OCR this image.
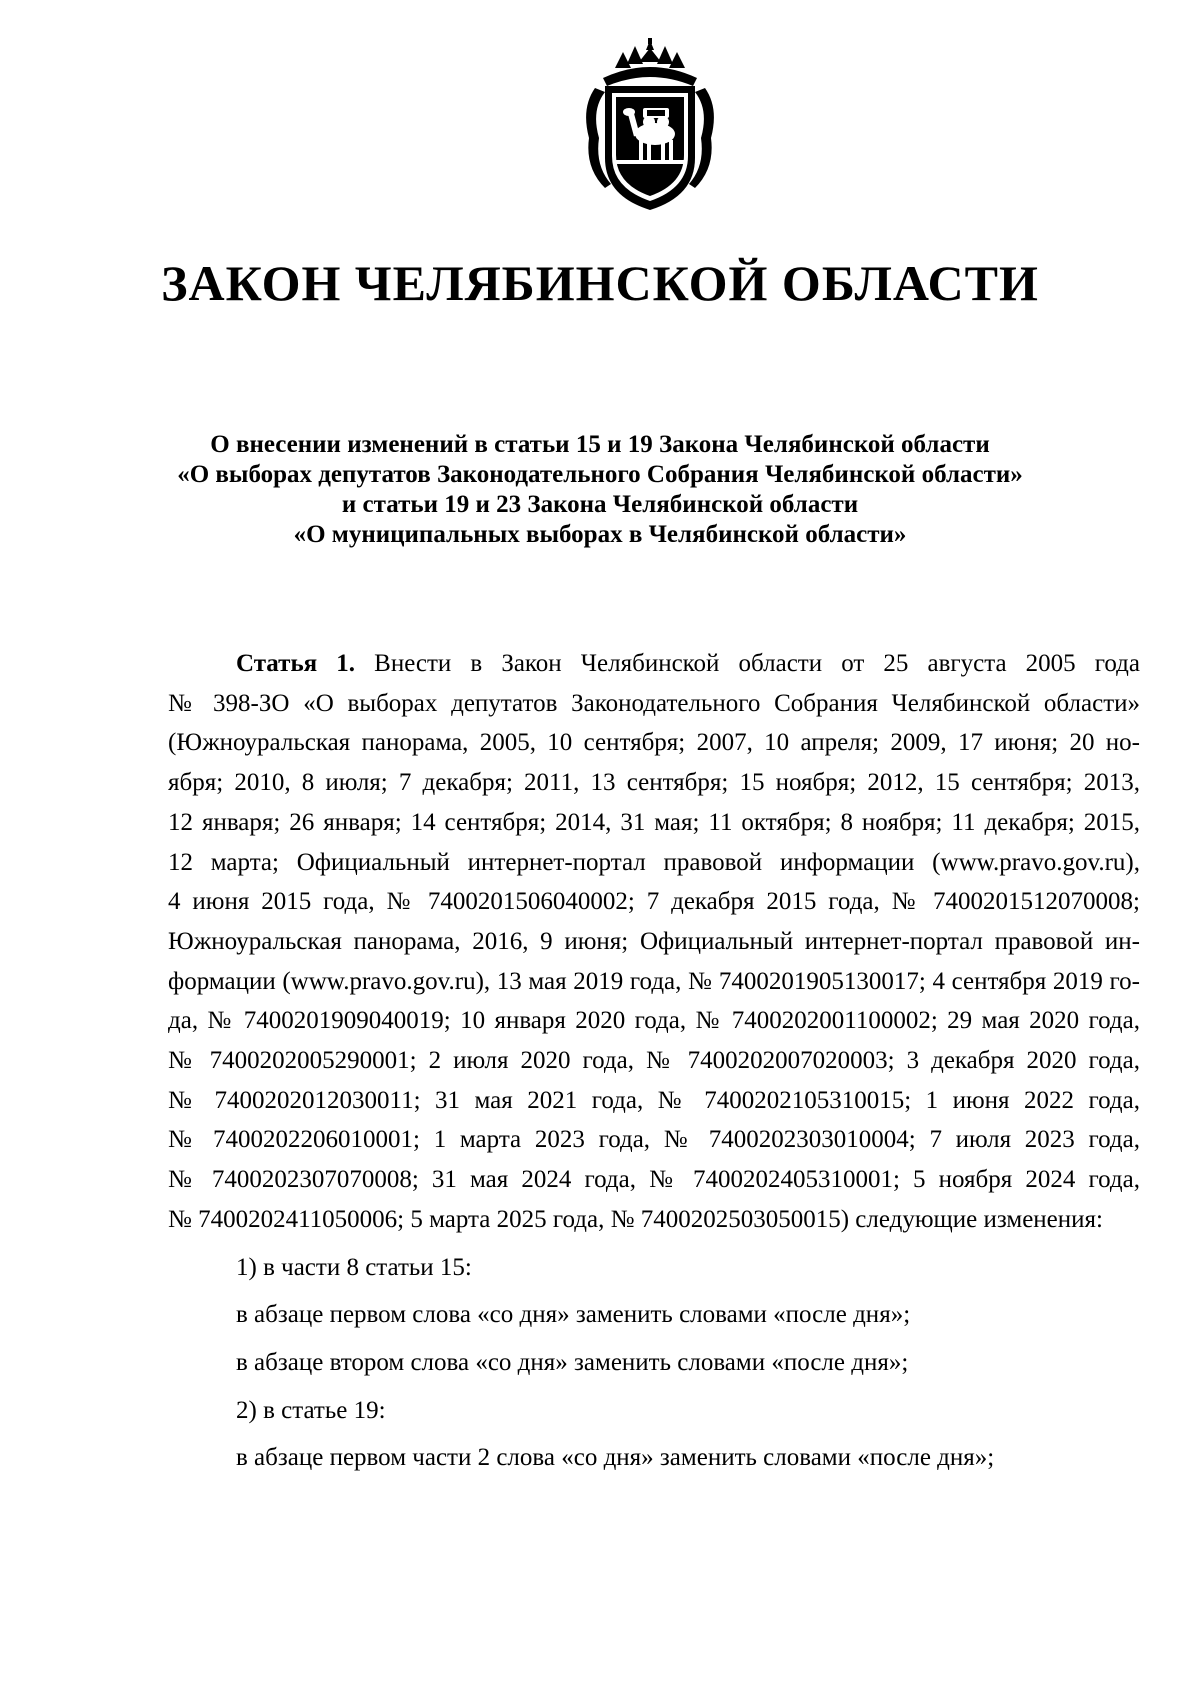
ЗАКОН ЧЕЛЯБИНСКОЙ ОБЛАСТИ
О внесении изменений в статьи 15 и 19 Закона Челябинской области
«О выборах депутатов Законодательного Собрания Челябинской области»
и статьи 19 и 23 Закона Челябинской области
«О муниципальных выборах в Челябинской области»
Статья 1. Внести в Закон Челябинской области от 25 августа 2005 года
№ 398-ЗО «О выборах депутатов Законодательного Собрания Челябинской области»
(Южноуральская панорама, 2005, 10 сентября; 2007, 10 апреля; 2009, 17 июня; 20 но-
ября; 2010, 8 июля; 7 декабря; 2011, 13 сентября; 15 ноября; 2012, 15 сентября; 2013,
12 января; 26 января; 14 сентября; 2014, 31 мая; 11 октября; 8 ноября; 11 декабря; 2015,
12 марта; Официальный интернет-портал правовой информации (www.pravo.gov.ru),
4 июня 2015 года, № 7400201506040002; 7 декабря 2015 года, № 7400201512070008;
Южноуральская панорама, 2016, 9 июня; Официальный интернет-портал правовой ин-
формации (www.pravo.gov.ru), 13 мая 2019 года, № 7400201905130017; 4 сентября 2019 го-
да, № 7400201909040019; 10 января 2020 года, № 7400202001100002; 29 мая 2020 года,
№ 7400202005290001; 2 июля 2020 года, № 7400202007020003; 3 декабря 2020 года,
№ 7400202012030011; 31 мая 2021 года, № 7400202105310015; 1 июня 2022 года,
№ 7400202206010001; 1 марта 2023 года, № 7400202303010004; 7 июля 2023 года,
№ 7400202307070008; 31 мая 2024 года, № 7400202405310001; 5 ноября 2024 года,
№ 7400202411050006; 5 марта 2025 года, № 7400202503050015) следующие изменения:
1) в части 8 статьи 15:
в абзаце первом слова «со дня» заменить словами «после дня»;
в абзаце втором слова «со дня» заменить словами «после дня»;
2) в статье 19:
в абзаце первом части 2 слова «со дня» заменить словами «после дня»;
